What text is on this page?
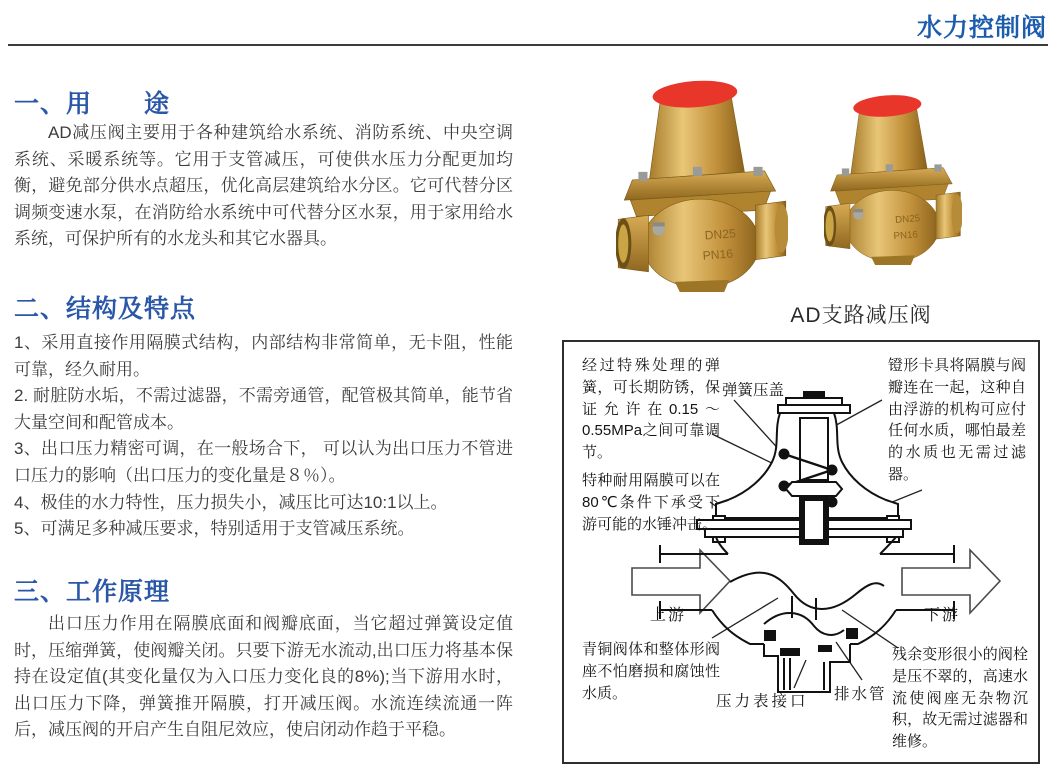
水力控制阀
一、用　　途
AD减压阀主要用于各种建筑给水系统、消防系统、中央空调系统、采暖系统等。它用于支管减压，可使供水压力分配更加均衡，避免部分供水点超压，优化高层建筑给水分区。它可代替分区调频变速水泵，在消防给水系统中可代替分区水泵，用于家用给水系统，可保护所有的水龙头和其它水器具。
二、结构及特点
1、采用直接作用隔膜式结构，内部结构非常简单，无卡阻，性能可靠，经久耐用。
2. 耐脏防水垢，不需过滤器，不需旁通管，配管极其简单，能节省大量空间和配管成本。
3、出口压力精密可调，在一般场合下， 可以认为出口压力不管进口压力的影响（出口压力的变化量是８％）。
4、极佳的水力特性，压力损失小，减压比可达10:1以上。
5、可满足多种减压要求，特别适用于支管减压系统。
三、工作原理
出口压力作用在隔膜底面和阀瓣底面，当它超过弹簧设定值时，压缩弹簧，使阀瓣关闭。只要下游无水流动,出口压力将基本保持在设定值(其变化量仅为入口压力变化良的8%);当下游用水时，出口压力下降，弹簧推开隔膜，打开减压阀。水流连续流通一阵后，减压阀的开启产生自阻尼效应，使启闭动作趋于平稳。
DN25
PN16
DN25
PN16
AD支路减压阀
经过特殊处理的弹簧，可长期防锈，保证允许在0.15～0.55MPa之间可靠调节。
弹簧压盖
镫形卡具将隔膜与阀瓣连在一起，这种自由浮游的机构可应付任何水质，哪怕最差的水质也无需过滤器。
特种耐用隔膜可以在80℃条件下承受下游可能的水锤冲击。
上游	下游
青铜阀体和整体形阀座不怕磨损和腐蚀性水质。	压力表接口 排水管
残余变形很小的阀栓是压不翠的，高速水流使阀座无杂物沉积，故无需过滤器和维修。
